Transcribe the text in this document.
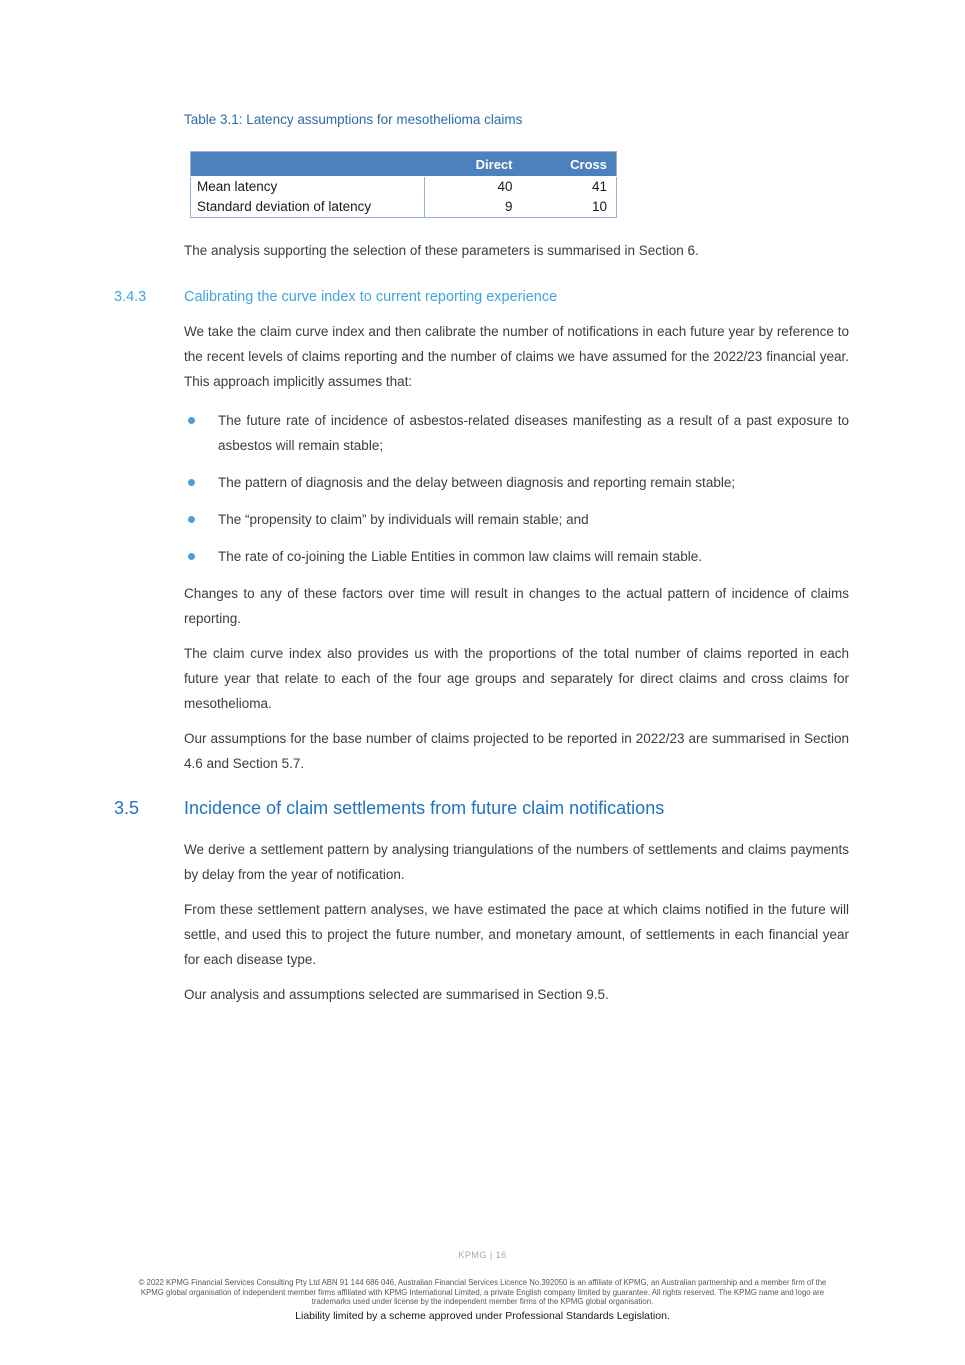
Table 3.1: Latency assumptions for mesothelioma claims

	Direct	Cross
Mean latency	40	41
Standard deviation of latency	9	10

The analysis supporting the selection of these parameters is summarised in Section 6.

3.4.3	Calibrating the curve index to current reporting experience

We take the claim curve index and then calibrate the number of notifications in each future year by reference to the recent levels of claims reporting and the number of claims we have assumed for the 2022/23 financial year. This approach implicitly assumes that:

The future rate of incidence of asbestos-related diseases manifesting as a result of a past exposure to asbestos will remain stable;
The pattern of diagnosis and the delay between diagnosis and reporting remain stable;
The “propensity to claim” by individuals will remain stable; and
The rate of co-joining the Liable Entities in common law claims will remain stable.

Changes to any of these factors over time will result in changes to the actual pattern of incidence of claims reporting.

The claim curve index also provides us with the proportions of the total number of claims reported in each future year that relate to each of the four age groups and separately for direct claims and cross claims for mesothelioma.

Our assumptions for the base number of claims projected to be reported in 2022/23 are summarised in Section 4.6 and Section 5.7.

3.5 Incidence of claim settlements from future claim notifications

We derive a settlement pattern by analysing triangulations of the numbers of settlements and claims payments by delay from the year of notification.

From these settlement pattern analyses, we have estimated the pace at which claims notified in the future will settle, and used this to project the future number, and monetary amount, of settlements in each financial year for each disease type.

Our analysis and assumptions selected are summarised in Section 9.5.

KPMG | 16
© 2022 KPMG Financial Services Consulting Pty Ltd ABN 91 144 686 046, Australian Financial Services Licence No.392050 is an affiliate of KPMG, an Australian partnership and a member firm of the KPMG global organisation of independent member firms affiliated with KPMG International Limited, a private English company limited by guarantee. All rights reserved. The KPMG name and logo are trademarks used under license by the independent member firms of the KPMG global organisation.
Liability limited by a scheme approved under Professional Standards Legislation.
